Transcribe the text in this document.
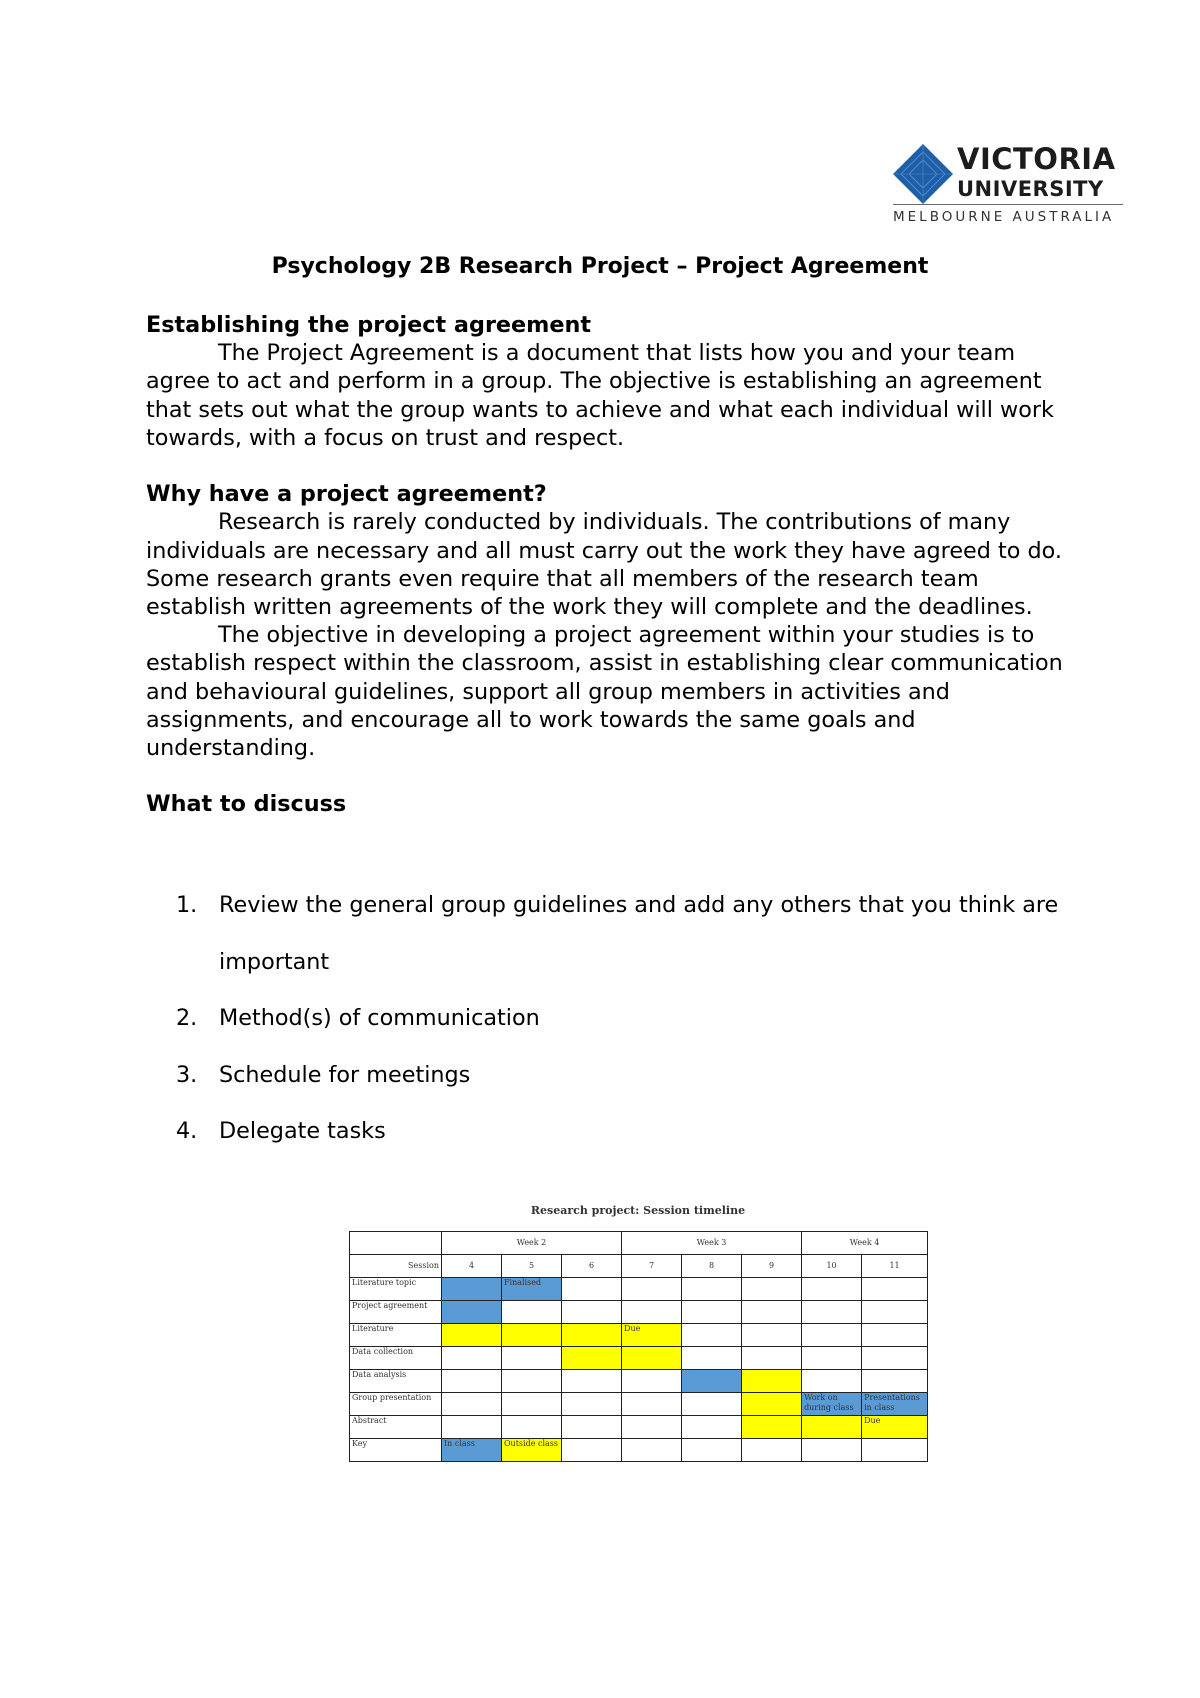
VICTORIA
UNIVERSITY
MELBOURNE AUSTRALIA
Psychology 2B Research Project – Project Agreement

Establishing the project agreement

The Project Agreement is a document that lists how you and your team agree to act and perform in a group. The objective is establishing an agreement that sets out what the group wants to achieve and what each individual will work towards, with a focus on trust and respect.

Why have a project agreement?

Research is rarely conducted by individuals. The contributions of many individuals are necessary and all must carry out the work they have agreed to do. Some research grants even require that all members of the research team establish written agreements of the work they will complete and the deadlines.

The objective in developing a project agreement within your studies is to establish respect within the classroom, assist in establishing clear communication and behavioural guidelines, support all group members in activities and assignments, and encourage all to work towards the same goals and understanding.

What to discuss

1. Review the general group guidelines and add any others that you think are important
2. Method(s) of communication
3. Schedule for meetings
4. Delegate tasks
Research project: Session timeline
	Week 2			Week 3			Week 4	
Session	4	5	6	7	8	9	10	11
Literature topic		Finalised						
Project agreement								
Literature				Due				
Data collection								
Data analysis								
Group presentation							Work on during class	Presentations in class
Abstract								Due
Key	In class	Outside class						
